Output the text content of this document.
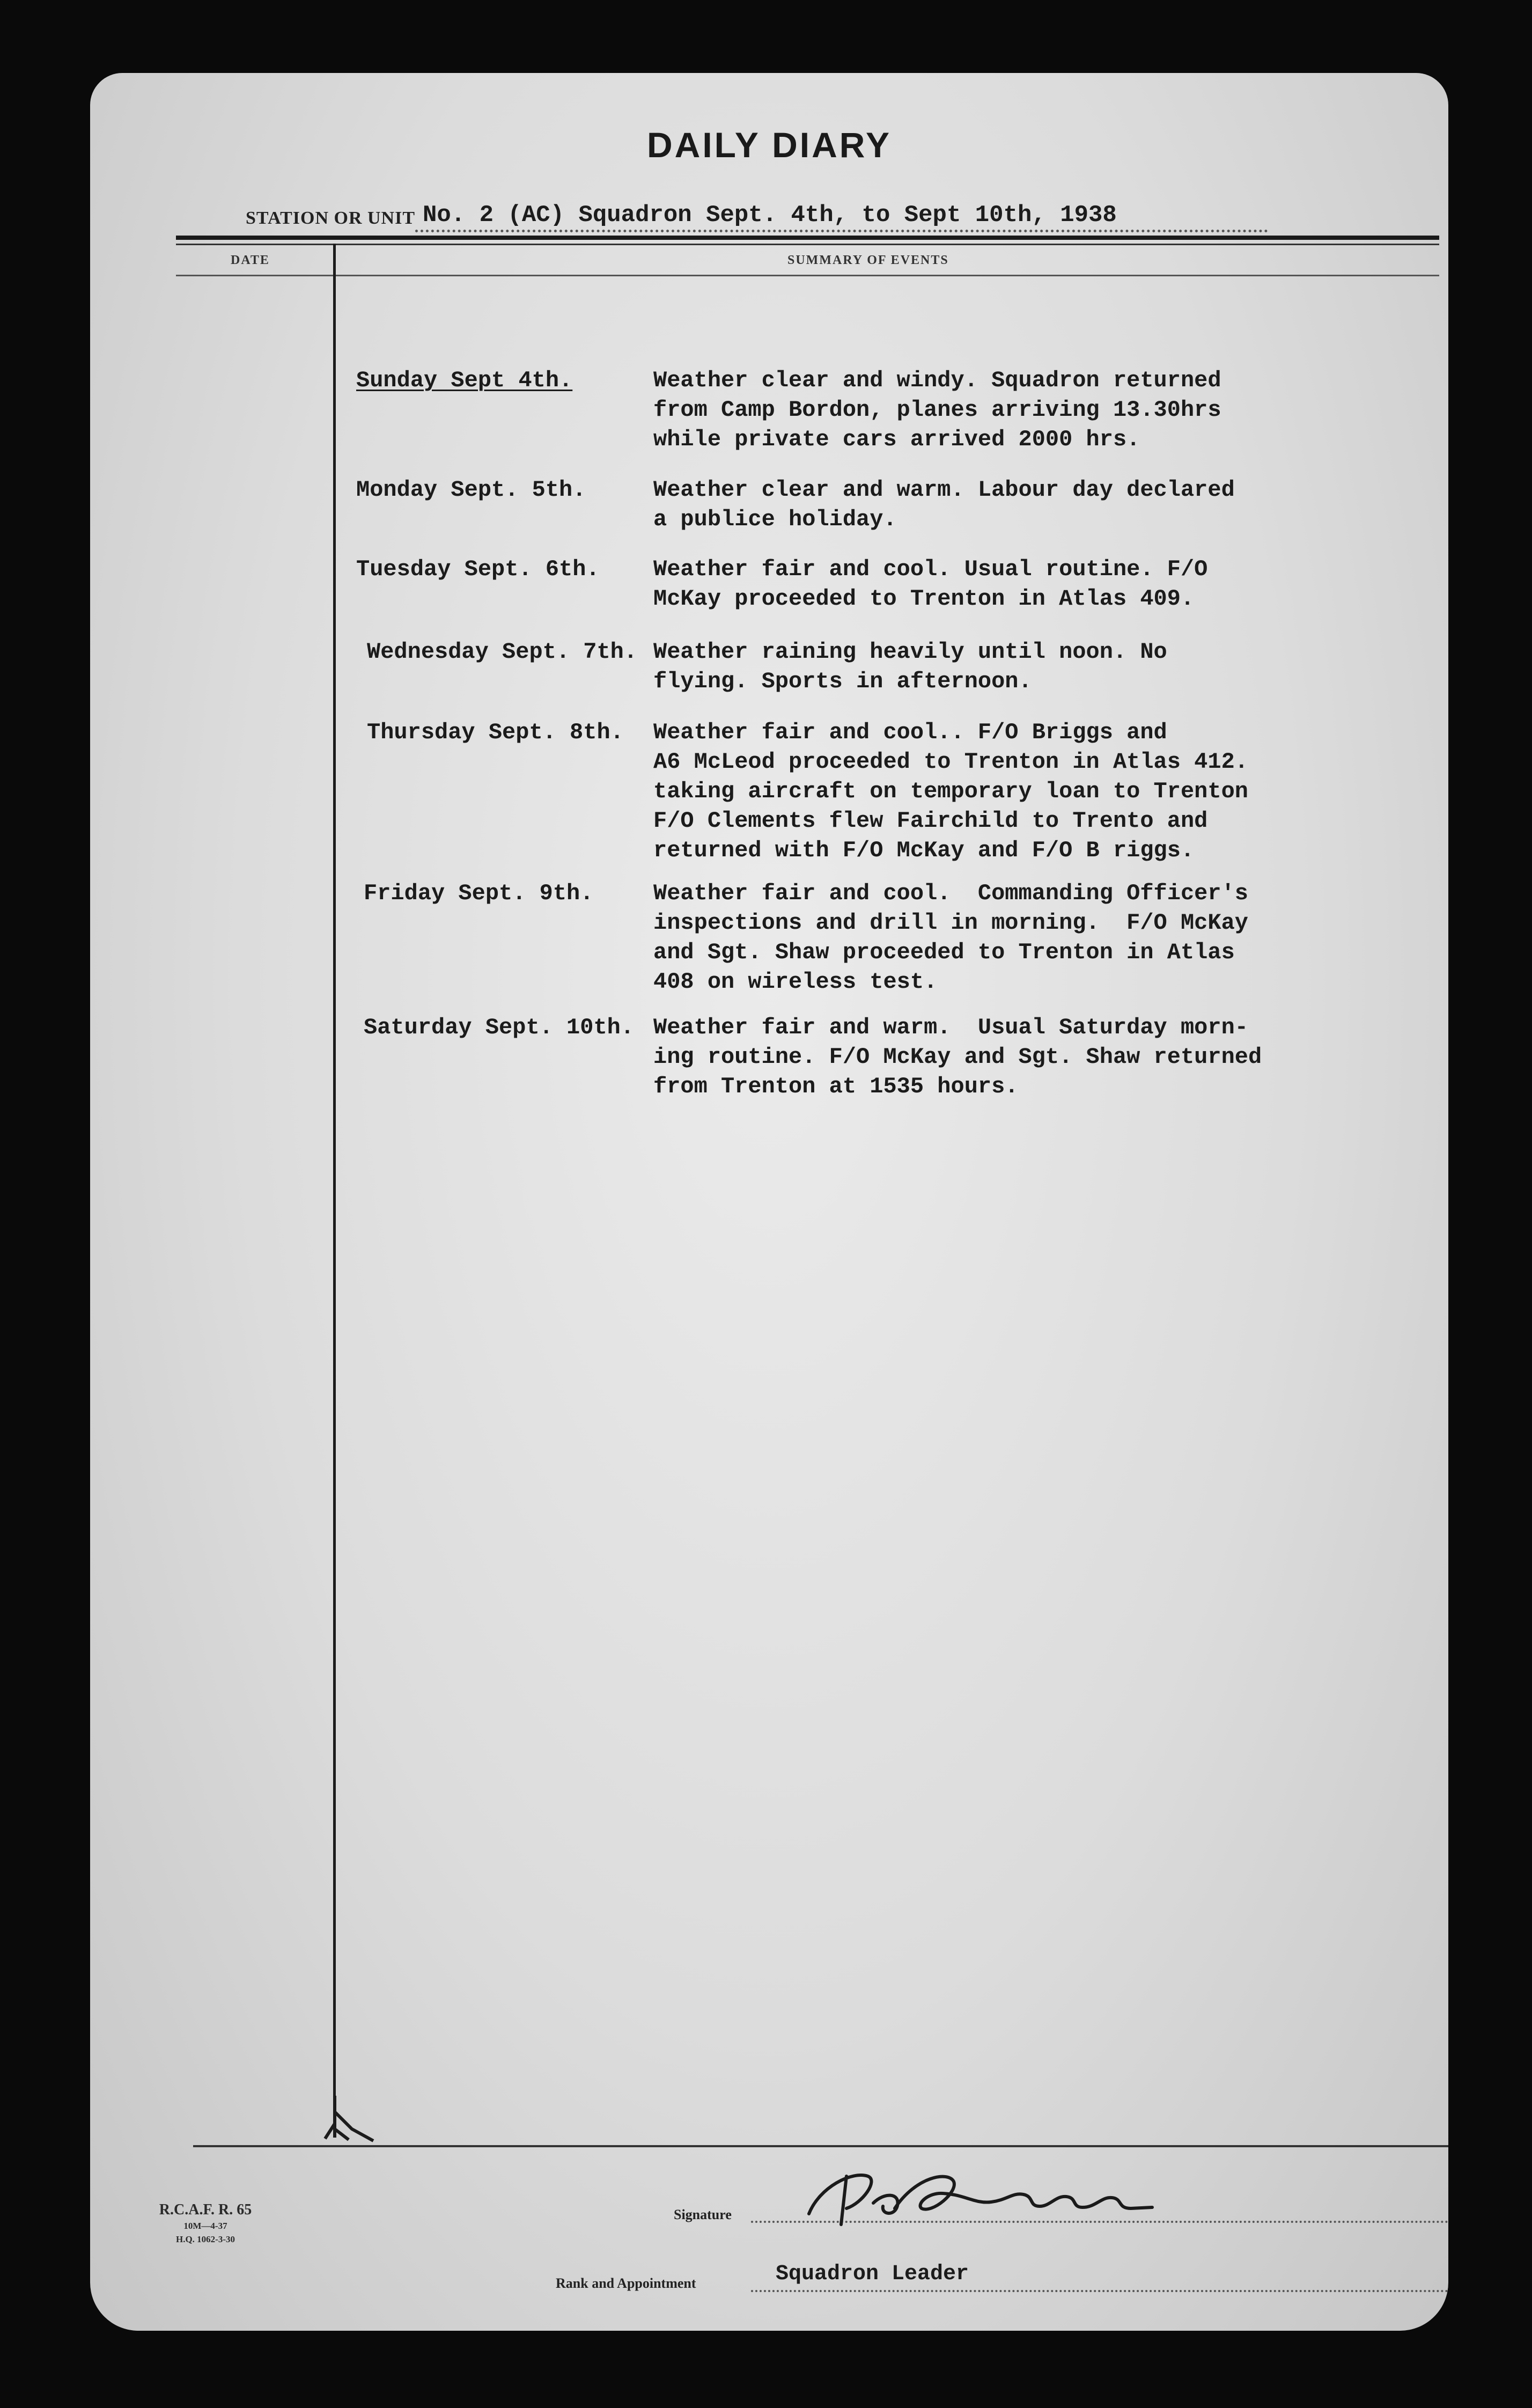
DAILY DIARY
STATION OR UNIT No. 2 (AC) Squadron Sept. 4th, to Sept 10th, 1938
DATE	SUMMARY OF EVENTS
Sunday Sept 4th.	Weather clear and windy. Squadron returned
from Camp Bordon, planes arriving 13.30hrs
while private cars arrived 2000 hrs.
Monday Sept. 5th.	Weather clear and warm. Labour day declared
a publice holiday.
Tuesday Sept. 6th. Weather fair and cool. Usual routine. F/O
McKay proceeded to Trenton in Atlas 409.
Wednesday Sept. 7th. Weather raining heavily until noon. No
flying. Sports in afternoon.
Thursday Sept. 8th. Weather fair and cool.. F/O Briggs and
A6 McLeod proceeded to Trenton in Atlas 412.
taking aircraft on temporary loan to Trenton
F/O Clements flew Fairchild to Trento and
returned with F/O McKay and F/O B riggs.
Friday Sept. 9th.	Weather fair and cool.  Commanding Officer's
inspections and drill in morning.  F/O McKay
and Sgt. Shaw proceeded to Trenton in Atlas
408 on wireless test.
Saturday Sept. 10th. Weather fair and warm.  Usual Saturday morn-
ing routine. F/O McKay and Sgt. Shaw returned
from Trenton at 1535 hours.
R.C.A.F. R. 65
10M—4-37
H.Q. 1062-3-30
Signature
Rank and Appointment	Squadron Leader
